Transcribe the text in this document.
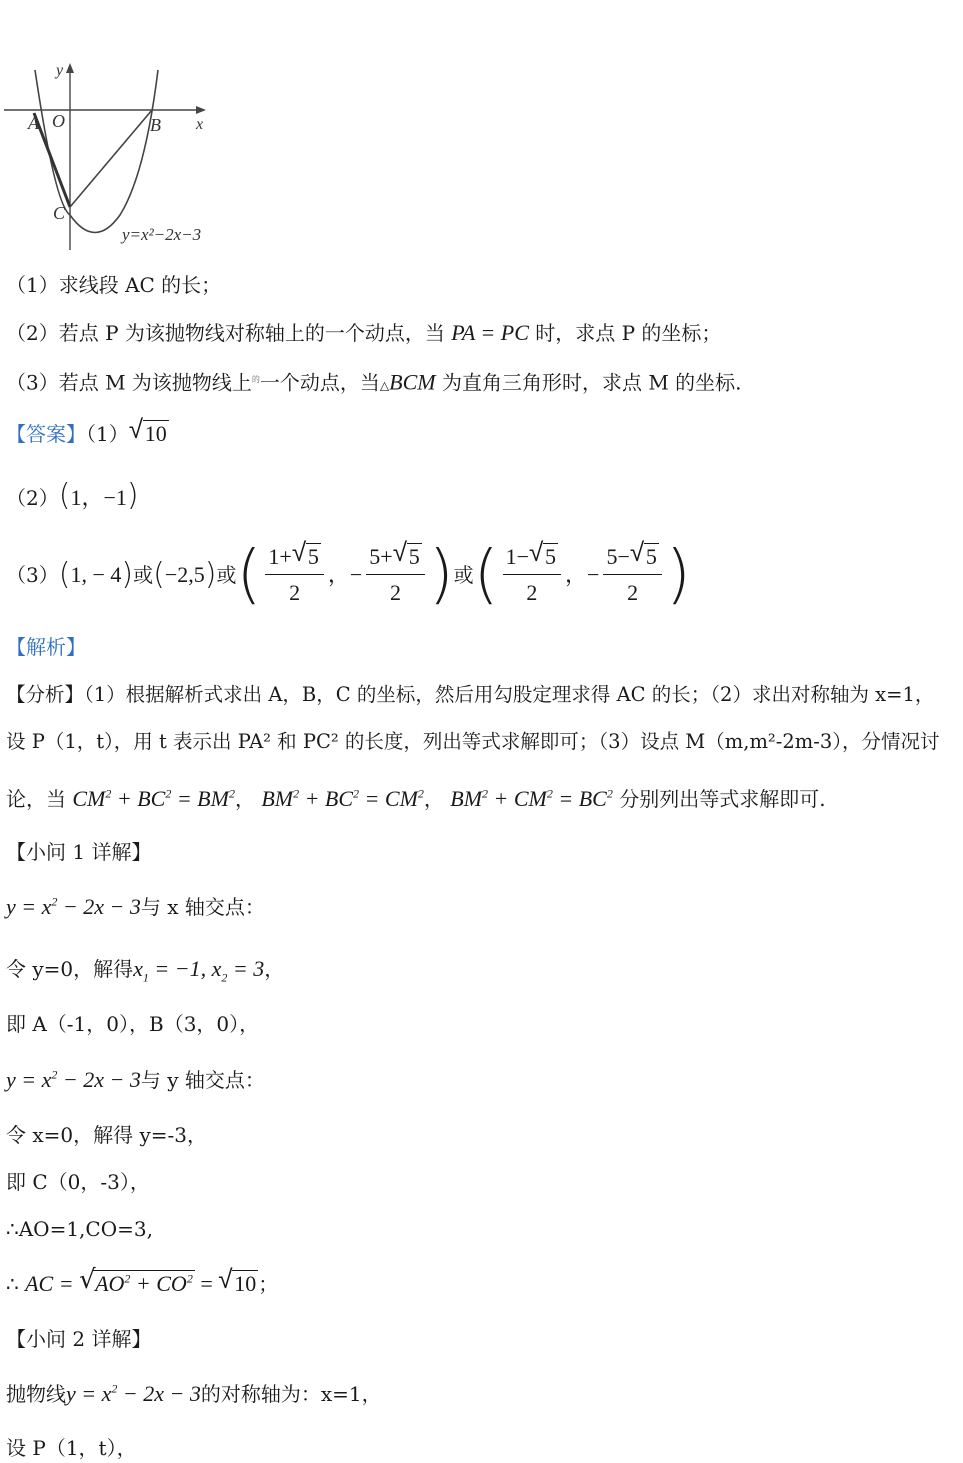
y
x
A O	B
C
y=x²−2x−3
（1）求线段 AC 的长；
（2）若点 P 为该抛物线对称轴上的一个动点，当 PA = PC 时，求点 P 的坐标；
（3）若点 M 为该抛物线上$^的$一个动点，当△BCM 为直角三角形时，求点 M 的坐标.
【答案】（1） √ 10
（2）(1，−1)
（3） ( 1, − 4 ) 或 ( −2,5 ) 或 ( $\frac{1+ √ 5}{2}$ ，− $\frac{5+ √ 5}{2}$ ) 或 ( $\frac{1- √ 5}{2}$ ，− $\frac{5- √ 5}{2}$ )
【解析】
【分析】（1）根据解析式求出 A，B，C 的坐标，然后用勾股定理求得 AC 的长；（2）求出对称轴为 x=1，
设 P（1，t），用 t 表示出 PA² 和 PC² 的长度，列出等式求解即可；（3）设点 M（m,m²-2m-3），分情况讨
论，当 $CM^2 + BC^2 = BM^2$， $BM^2 + BC^2 = CM^2$， $BM^2 + CM^2 = BC^2$ 分别列出等式求解即可.
【小问 1 详解】
$y = x^2 - 2x - 3$与 x 轴交点：
令 y=0，解得$x_1 = -1$, $x_2 = 3$，
即 A（-1，0），B（3，0），
$y = x^2 - 2x - 3$与 y 轴交点：
令 x=0，解得 y=-3，
即 C（0，-3），
∴AO=1,CO=3,
∴ AC = √ $AO^2 + CO^2$ = √ 10 ；
【小问 2 详解】
抛物线$y = x^2 - 2x - 3$的对称轴为：x=1，
设 P（1，t），
